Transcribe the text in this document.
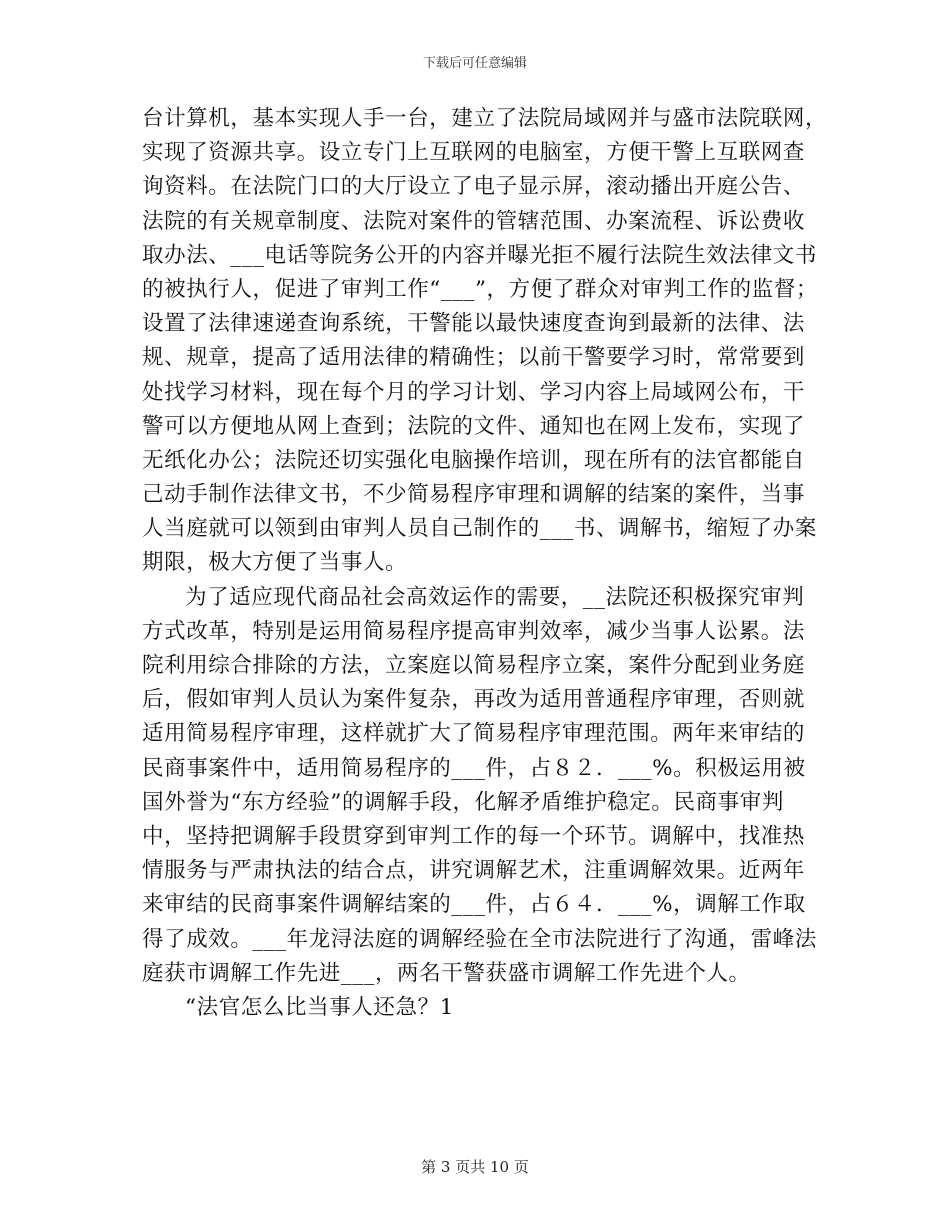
下载后可任意编辑
台计算机，基本实现人手一台，建立了法院局域网并与盛市法院联网，
实现了资源共享。设立专门上互联网的电脑室，方便干警上互联网查
询资料。在法院门口的大厅设立了电子显示屏，滚动播出开庭公告、
法院的有关规章制度、法院对案件的管辖范围、办案流程、诉讼费收
取办法、___电话等院务公开的内容并曝光拒不履行法院生效法律文书
的被执行人，促进了审判工作“___”，方便了群众对审判工作的监督；
设置了法律速递查询系统，干警能以最快速度查询到最新的法律、法
规、规章，提高了适用法律的精确性；以前干警要学习时，常常要到
处找学习材料，现在每个月的学习计划、学习内容上局域网公布，干
警可以方便地从网上查到；法院的文件、通知也在网上发布，实现了
无纸化办公；法院还切实强化电脑操作培训，现在所有的法官都能自
己动手制作法律文书，不少简易程序审理和调解的结案的案件，当事
人当庭就可以领到由审判人员自己制作的___书、调解书，缩短了办案
期限，极大方便了当事人。
为了适应现代商品社会高效运作的需要，__法院还积极探究审判
方式改革，特别是运用简易程序提高审判效率，减少当事人讼累。法
院利用综合排除的方法，立案庭以简易程序立案，案件分配到业务庭
后，假如审判人员认为案件复杂，再改为适用普通程序审理，否则就
适用简易程序审理，这样就扩大了简易程序审理范围。两年来审结的
民商事案件中，适用简易程序的___件，占８２．___%。积极运用被
国外誉为“东方经验”的调解手段，化解矛盾维护稳定。民商事审判
中，坚持把调解手段贯穿到审判工作的每一个环节。调解中，找准热
情服务与严肃执法的结合点，讲究调解艺术，注重调解效果。近两年
来审结的民商事案件调解结案的___件，占６４．___%，调解工作取
得了成效。___年龙浔法庭的调解经验在全市法院进行了沟通，雷峰法
庭获市调解工作先进___，两名干警获盛市调解工作先进个人。
“法官怎么比当事人还急？1
第 3 页共 10 页
